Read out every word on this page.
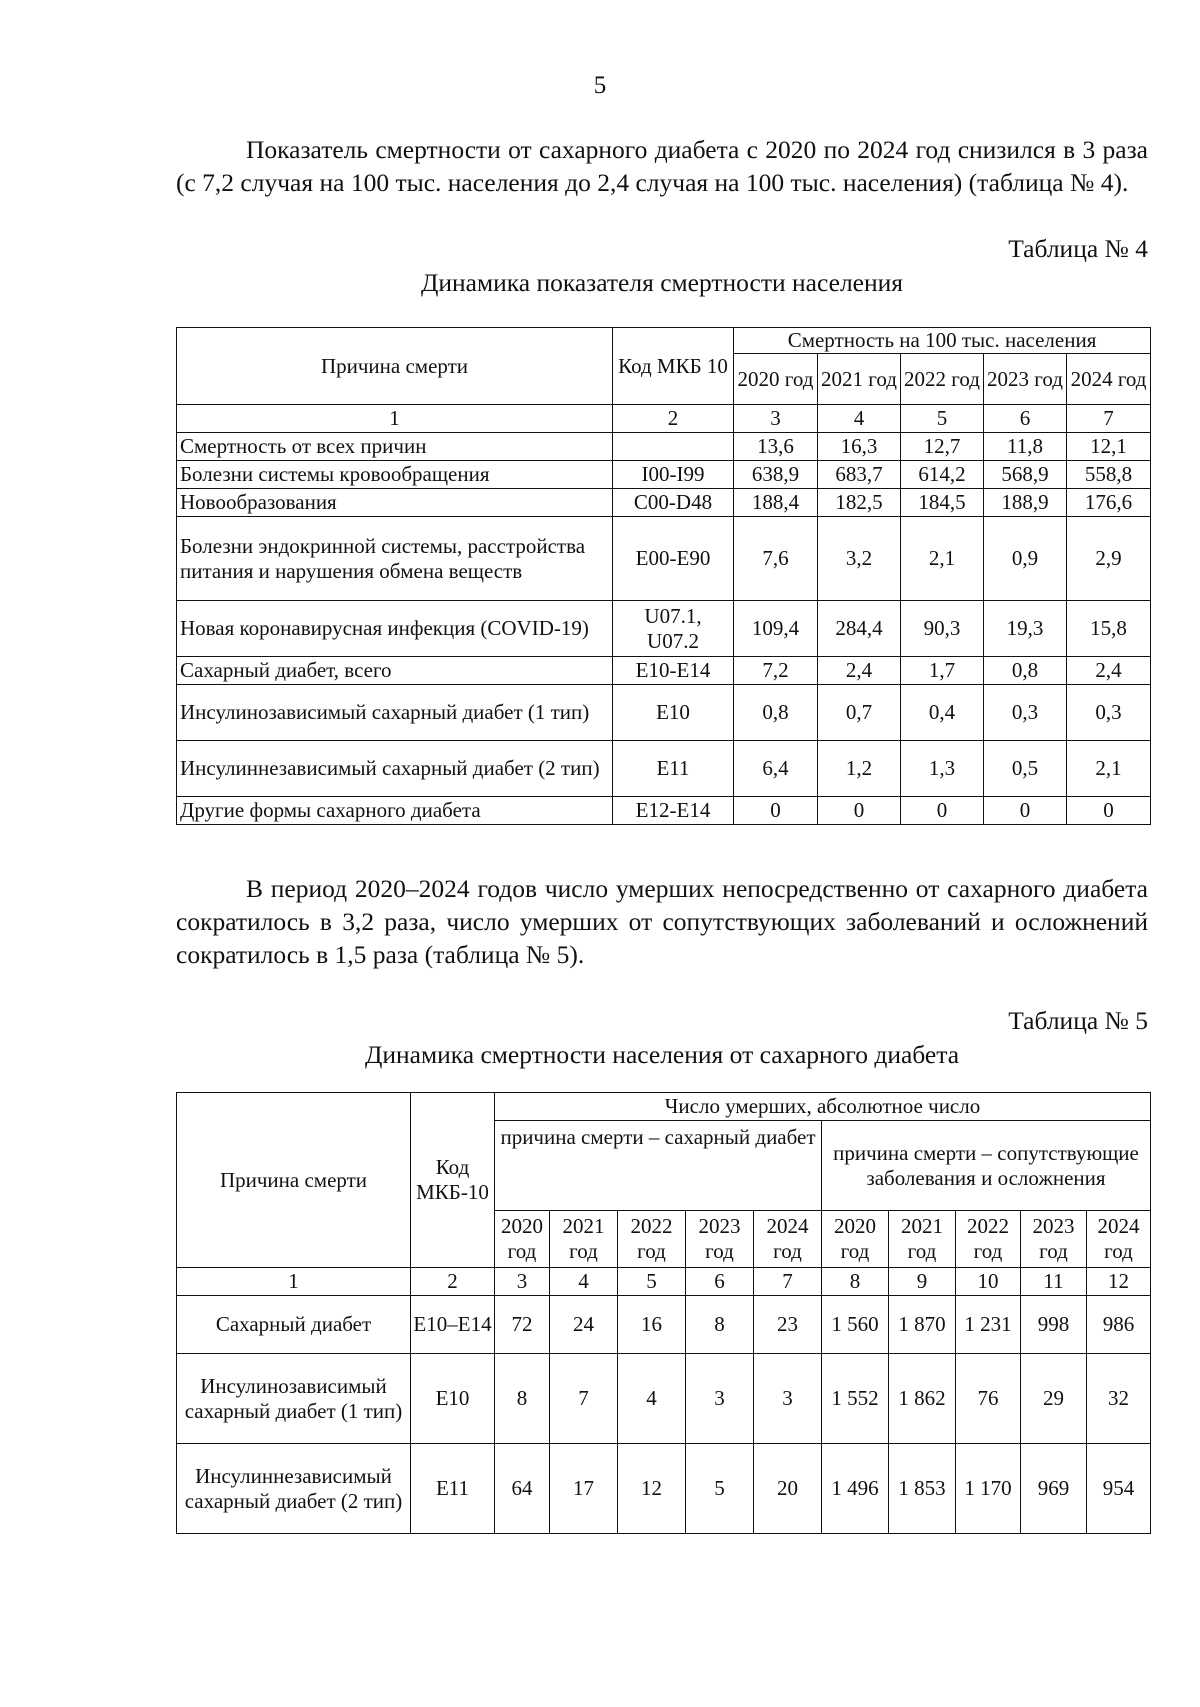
5
Показатель смертности от сахарного диабета с 2020 по 2024 год снизился в 3 раза (с 7,2 случая на 100 тыс. населения до 2,4 случая на 100 тыс. населения) (таблица № 4).
Таблица № 4
Динамика показателя смертности населения
Причина смерти	Код МКБ 10	Смертность на 100 тыс. населения				
		2020 год	2021 год	2022 год	2023 год	2024 год

1	2	3	4	5	6	7
Смертность от всех причин		13,6	16,3	12,7	11,8	12,1
Болезни системы кровообращения	I00-I99	638,9	683,7	614,2	568,9	558,8
Новообразования	C00-D48	188,4	182,5	184,5	188,9	176,6
Болезни эндокринной системы, расстройства питания и нарушения обмена веществ	E00-E90	7,6	3,2	2,1	0,9	2,9
Новая коронавирусная инфекция (COVID-19)	U07.1, U07.2	109,4	284,4	90,3	19,3	15,8
Сахарный диабет, всего	E10-E14	7,2	2,4	1,7	0,8	2,4
Инсулинозависимый сахарный диабет (1 тип)	E10	0,8	0,7	0,4	0,3	0,3
Инсулиннезависимый сахарный диабет (2 тип)	E11	6,4	1,2	1,3	0,5	2,1
Другие формы сахарного диабета	E12-E14	0	0	0	0	0
В период 2020–2024 годов число умерших непосредственно от сахарного диабета сократилось в 3,2 раза, число умерших от сопутствующих заболеваний и осложнений сократилось в 1,5 раза (таблица № 5).
Таблица № 5
Динамика смертности населения от сахарного диабета
Причина смерти	Код МКБ-10	Число умерших, абсолютное число									
		причина смерти – сахарный диабет					причина смерти – сопутствующие заболевания и осложнения				
		2020 год	2021 год	2022 год	2023 год	2024 год	2020 год	2021 год	2022 год	2023 год	2024 год

1	2	3	4	5	6	7	8	9	10	11	12
Сахарный диабет	E10–E14	72	24	16	8	23	1 560	1 870	1 231	998	986
Инсулинозависимый сахарный диабет (1 тип)	E10	8	7	4	3	3	1 552	1 862	76	29	32
Инсулиннезависимый сахарный диабет (2 тип)	E11	64	17	12	5	20	1 496	1 853	1 170	969	954
